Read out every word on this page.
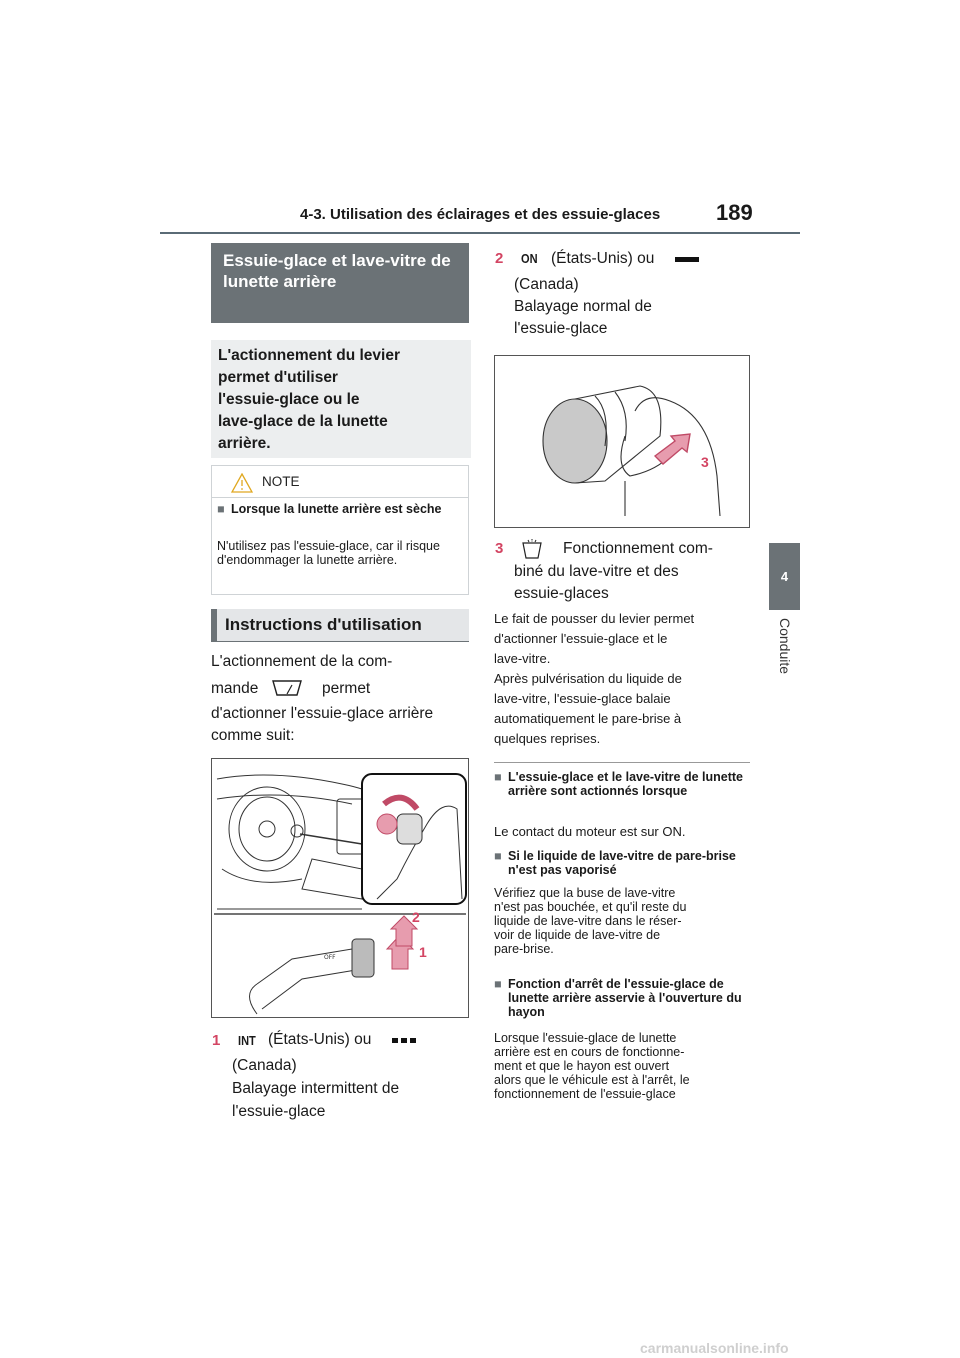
4-3. Utilisation des éclairages et des essuie-glaces	189
4
Conduite
Essuie-glace et lave-vitre de lunette arrière
L'actionnement du levier
permet d'utiliser
l'essuie-glace ou le
lave-glace de la lunette
arrière.
NOTE
■ Lorsque la lunette arrière est sèche
N'utilisez pas l'essuie-glace, car il risque d'endommager la lunette arrière.
Instructions d'utilisation
L'actionnement de la com-
mande	permet
d'actionner l'essuie-glace arrière
comme suit:
OFF
2
1
1 INT (États-Unis) ou
(Canada)
Balayage intermittent de
l'essuie-glace
2 ON (États-Unis) ou
(Canada)
Balayage normal de
l'essuie-glace
3
3	Fonctionnement com-
biné du lave-vitre et des
essuie-glaces
Le fait de pousser du levier permet
d'actionner l'essuie-glace et le
lave-vitre.
Après pulvérisation du liquide de
lave-vitre, l'essuie-glace balaie
automatiquement le pare-brise à
quelques reprises.
■ L'essuie-glace et le lave-vitre de lunette arrière sont actionnés lorsque
Le contact du moteur est sur ON.
■ Si le liquide de lave-vitre de pare-brise n'est pas vaporisé
Vérifiez que la buse de lave-vitre
n'est pas bouchée, et qu'il reste du
liquide de lave-vitre dans le réser-
voir de liquide de lave-vitre de
pare-brise.
■ Fonction d'arrêt de l'essuie-glace de lunette arrière asservie à l'ouverture du hayon
Lorsque l'essuie-glace de lunette
arrière est en cours de fonctionne-
ment et que le hayon est ouvert
alors que le véhicule est à l'arrêt, le
fonctionnement de l'essuie-glace
carmanualsonline.info
